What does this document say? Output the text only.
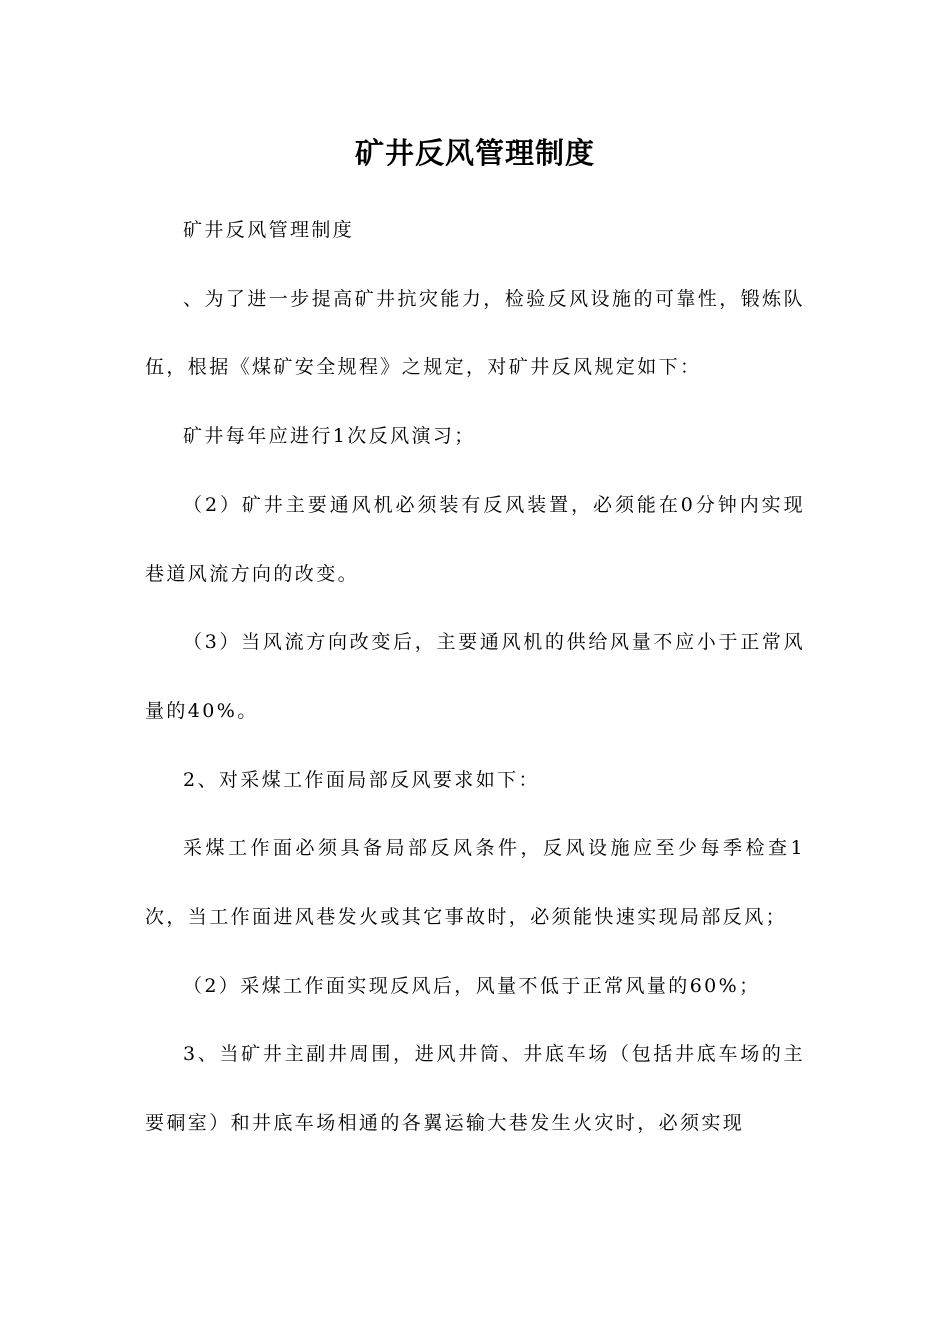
矿井反风管理制度

矿井反风管理制度

、为了进一步提高矿井抗灾能力，检验反风设施的可靠性，锻炼队伍，根据《煤矿安全规程》之规定，对矿井反风规定如下：

矿井每年应进行1次反风演习；

（2）矿井主要通风机必须装有反风装置，必须能在0分钟内实现巷道风流方向的改变。

（3）当风流方向改变后，主要通风机的供给风量不应小于正常风量的40%。

2、对采煤工作面局部反风要求如下：

采煤工作面必须具备局部反风条件，反风设施应至少每季检查1次，当工作面进风巷发火或其它事故时，必须能快速实现局部反风；

（2）采煤工作面实现反风后，风量不低于正常风量的60%；

3、当矿井主副井周围，进风井筒、井底车场（包括井底车场的主要硐室）和井底车场相通的各翼运输大巷发生火灾时，必须实现
